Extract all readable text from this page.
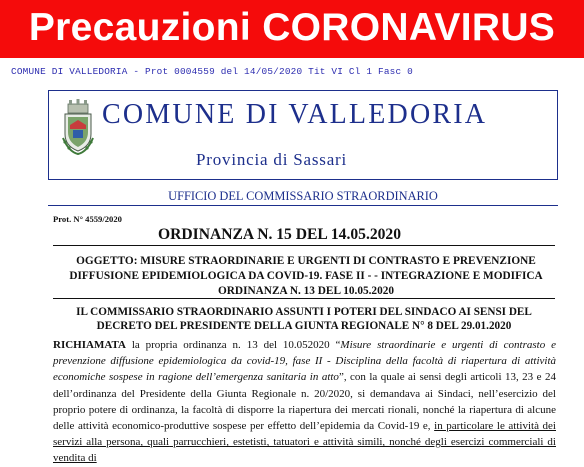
Precauzioni CORONAVIRUS
COMUNE DI VALLEDORIA - Prot 0004559 del 14/05/2020 Tit VI Cl 1 Fasc 0
COMUNE DI VALLEDORIA
Provincia di Sassari
UFFICIO DEL COMMISSARIO STRAORDINARIO
Prot. N° 4559/2020
ORDINANZA N. 15 DEL 14.05.2020
OGGETTO: MISURE STRAORDINARIE E URGENTI DI CONTRASTO E PREVENZIONE DIFFUSIONE EPIDEMIOLOGICA DA COVID-19. FASE II - - INTEGRAZIONE E MODIFICA ORDINANZA N. 13 DEL 10.05.2020
IL COMMISSARIO STRAORDINARIO ASSUNTI I POTERI DEL SINDACO AI SENSI DEL DECRETO DEL PRESIDENTE DELLA GIUNTA REGIONALE N° 8 DEL 29.01.2020
RICHIAMATA la propria ordinanza n. 13 del 10.052020 “Misure straordinarie e urgenti di contrasto e prevenzione diffusione epidemiologica da covid-19, fase II - Disciplina della facoltà di riapertura di attività economiche sospese in ragione dell’emergenza sanitaria in atto”, con la quale ai sensi degli articoli 13, 23 e 24 dell’ordinanza del Presidente della Giunta Regionale n. 20/2020, si demandava ai Sindaci, nell’esercizio del proprio potere di ordinanza, la facoltà di disporre la riapertura dei mercati rionali, nonché la riapertura di alcune delle attività economico-produttive sospese per effetto dell’epidemia da Covid-19 e, in particolare le attività dei servizi alla persona, quali parrucchieri, estetisti, tatuatori e attività simili, nonché degli esercizi commerciali di vendita di
